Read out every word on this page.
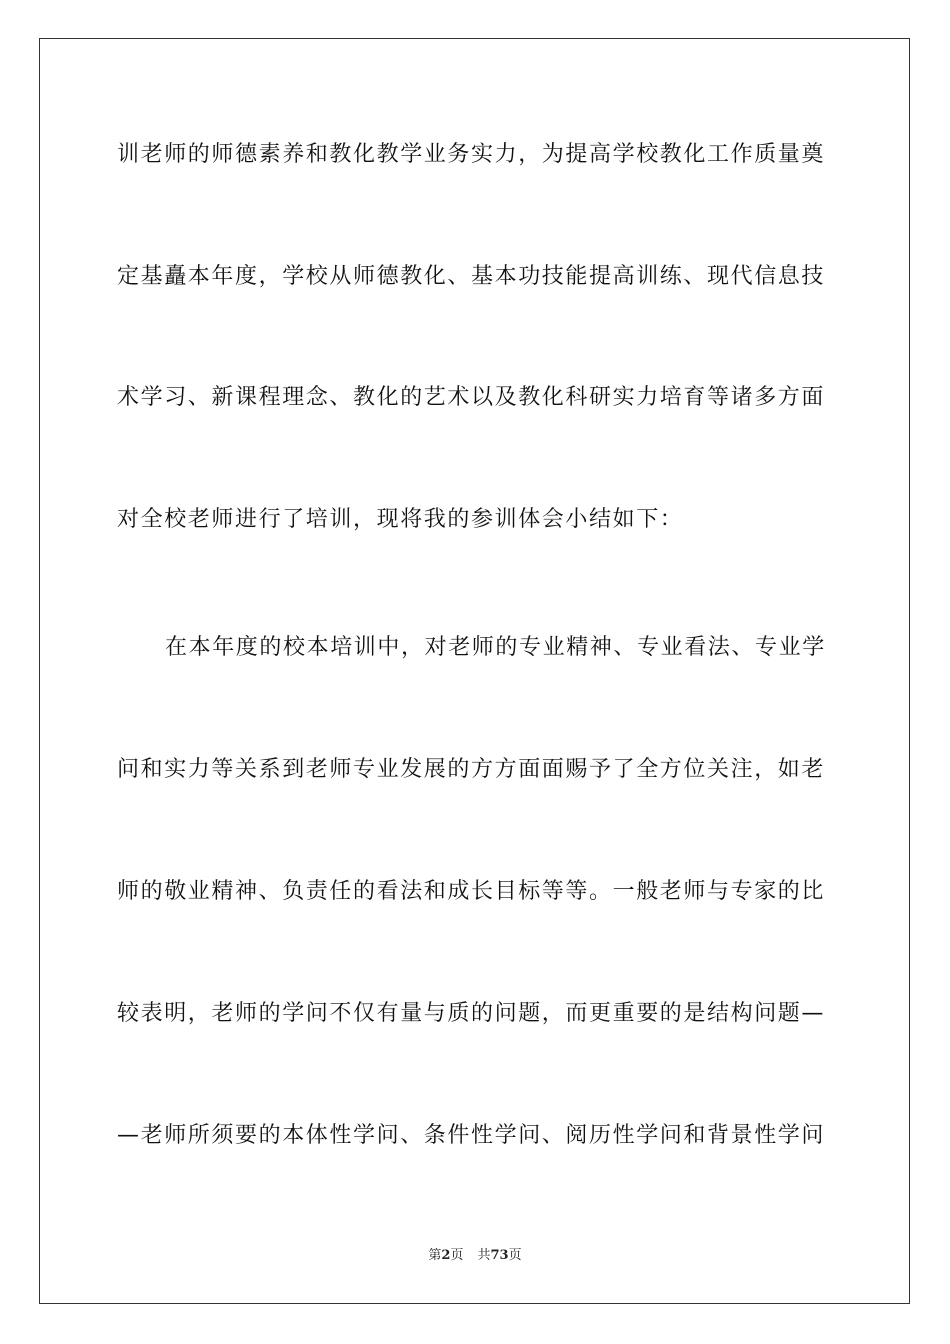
训老师的师德素养和教化教学业务实力，为提高学校教化工作质量奠
定基矗本年度，学校从师德教化、基本功技能提高训练、现代信息技
术学习、新课程理念、教化的艺术以及教化科研实力培育等诸多方面
对全校老师进行了培训，现将我的参训体会小结如下：
在本年度的校本培训中，对老师的专业精神、专业看法、专业学
问和实力等关系到老师专业发展的方方面面赐予了全方位关注，如老
师的敬业精神、负责任的看法和成长目标等等。一般老师与专家的比
较表明，老师的学问不仅有量与质的问题，而更重要的是结构问题—
—老师所须要的本体性学问、条件性学问、阅历性学问和背景性学问
第2页 共73页
